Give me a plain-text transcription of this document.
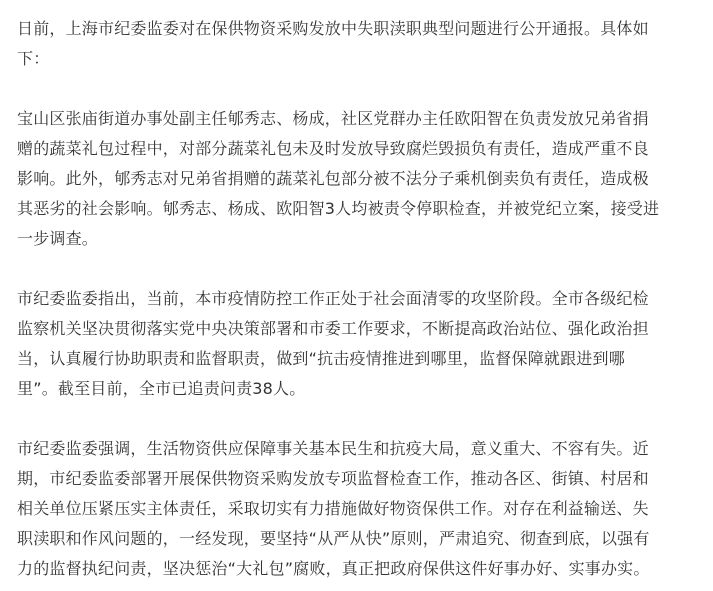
日前，上海市纪委监委对在保供物资采购发放中失职渎职典型问题进行公开通报。具体如
下：

宝山区张庙街道办事处副主任郇秀志、杨成，社区党群办主任欧阳智在负责发放兄弟省捐
赠的蔬菜礼包过程中，对部分蔬菜礼包未及时发放导致腐烂毁损负有责任，造成严重不良
影响。此外，郇秀志对兄弟省捐赠的蔬菜礼包部分被不法分子乘机倒卖负有责任，造成极
其恶劣的社会影响。郇秀志、杨成、欧阳智3人均被责令停职检查，并被党纪立案，接受进
一步调查。

市纪委监委指出，当前，本市疫情防控工作正处于社会面清零的攻坚阶段。全市各级纪检
监察机关坚决贯彻落实党中央决策部署和市委工作要求，不断提高政治站位、强化政治担
当，认真履行协助职责和监督职责，做到“抗击疫情推进到哪里，监督保障就跟进到哪
里”。截至目前，全市已追责问责38人。

市纪委监委强调，生活物资供应保障事关基本民生和抗疫大局，意义重大、不容有失。近
期，市纪委监委部署开展保供物资采购发放专项监督检查工作，推动各区、街镇、村居和
相关单位压紧压实主体责任，采取切实有力措施做好物资保供工作。对存在利益输送、失
职渎职和作风问题的，一经发现，要坚持“从严从快”原则，严肃追究、彻查到底，以强有
力的监督执纪问责，坚决惩治“大礼包”腐败，真正把政府保供这件好事办好、实事办实。
